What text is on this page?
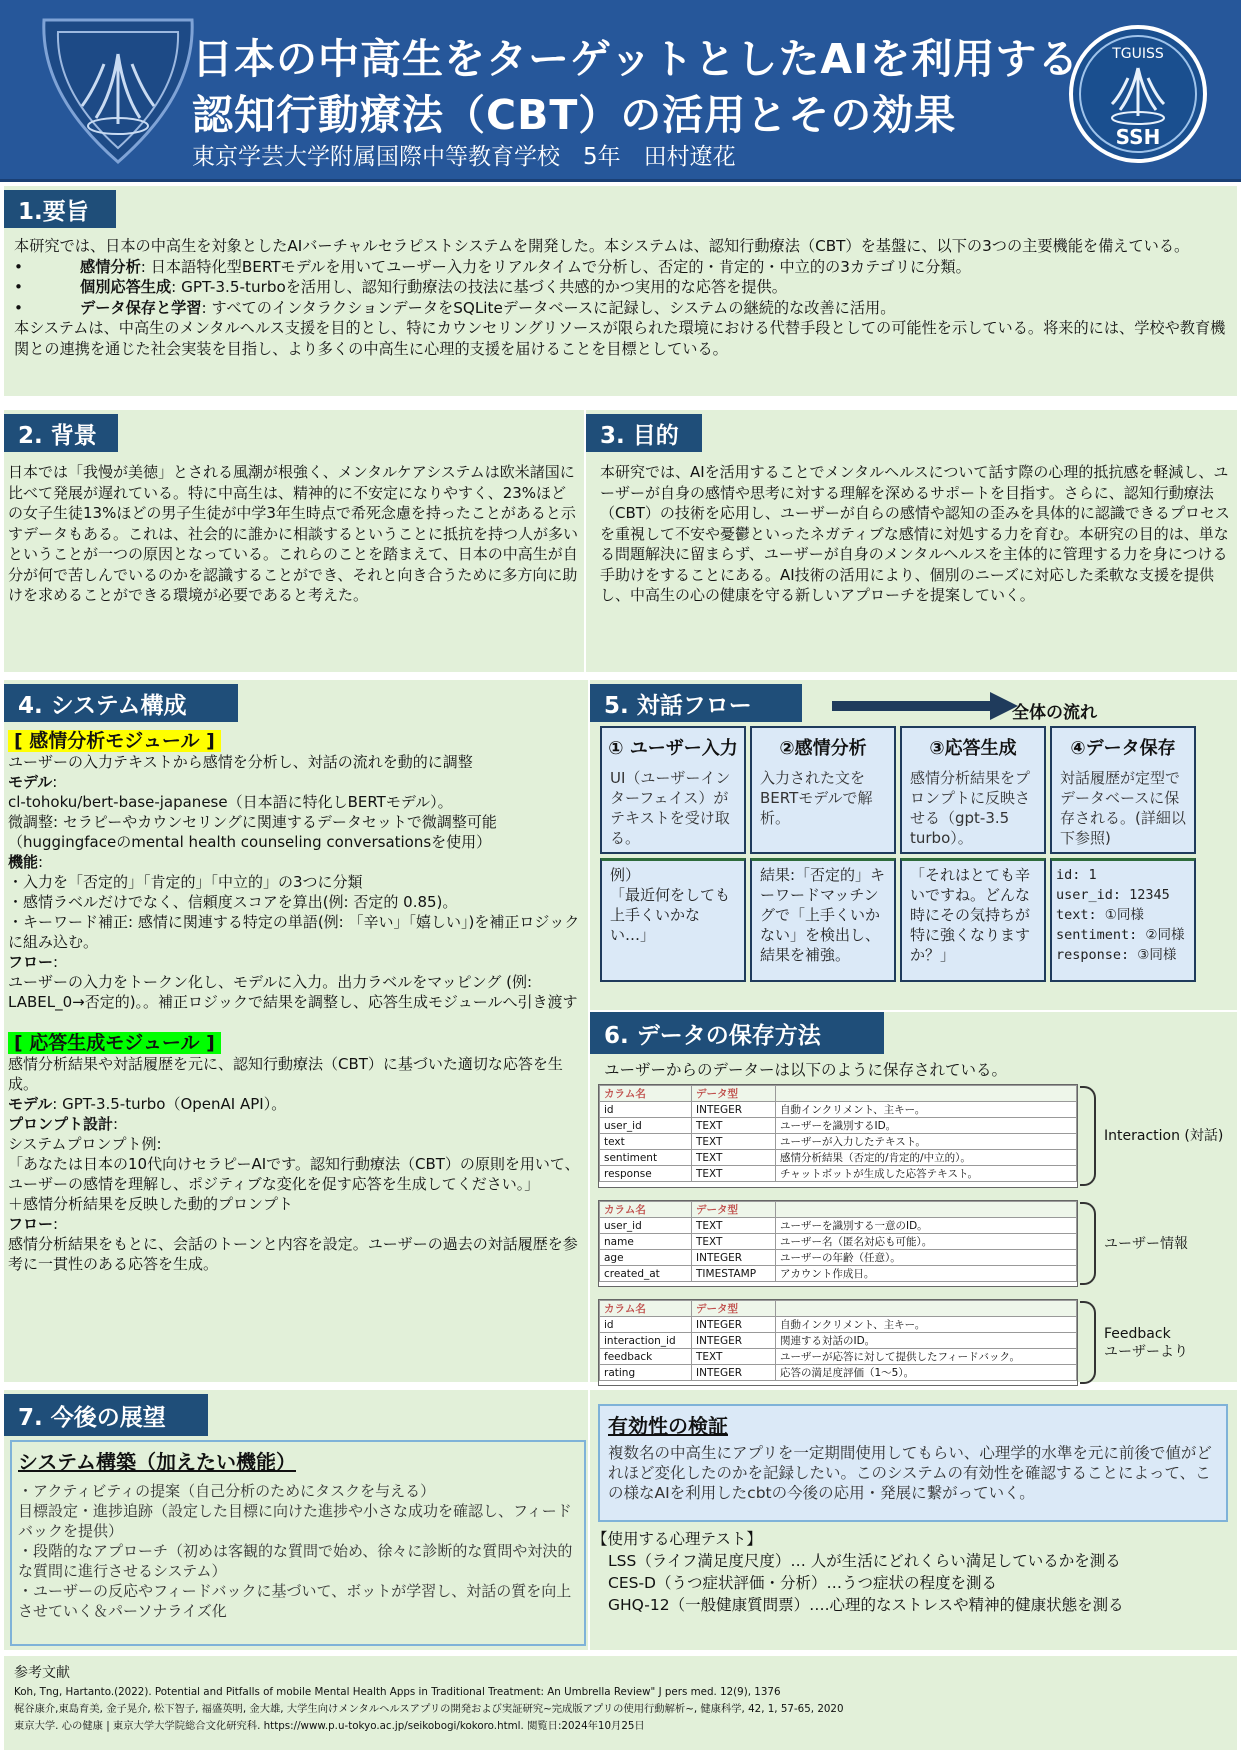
日本の中高生をターゲットとしたAIを利用する
認知行動療法（CBT）の活用とその効果
東京学芸大学附属国際中等教育学校　5年　田村遼花
TGUISS
SSH
1.要旨

本研究では、日本の中高生を対象としたAIバーチャルセラピストシステムを開発した。本システムは、認知行動療法（CBT）を基盤に、以下の3つの主要機能を備えている。

•	感情分析: 日本語特化型BERTモデルを用いてユーザー入力をリアルタイムで分析し、否定的・肯定的・中立的の3カテゴリに分類。
•	個別応答生成: GPT-3.5-turboを活用し、認知行動療法の技法に基づく共感的かつ実用的な応答を提供。
•	データ保存と学習: すべてのインタラクションデータをSQLiteデータベースに記録し、システムの継続的な改善に活用。

本システムは、中高生のメンタルヘルス支援を目的とし、特にカウンセリングリソースが限られた環境における代替手段としての可能性を示している。将来的には、学校や教育機関との連携を通じた社会実装を目指し、より多くの中高生に心理的支援を届けることを目標としている。

2. 背景
日本では「我慢が美徳」とされる風潮が根強く、メンタルケアシステムは欧米諸国に比べて発展が遅れている。特に中高生は、精神的に不安定になりやすく、23%ほどの女子生徒13%ほどの男子生徒が中学3年生時点で希死念慮を持ったことがあると示すデータもある。これは、社会的に誰かに相談するということに抵抗を持つ人が多いということが一つの原因となっている。これらのことを踏まえて、日本の中高生が自分が何で苦しんでいるのかを認識することができ、それと向き合うために多方向に助けを求めることができる環境が必要であると考えた。
3. 目的
本研究では、AIを活用することでメンタルヘルスについて話す際の心理的抵抗感を軽減し、ユーザーが自身の感情や思考に対する理解を深めるサポートを目指す。さらに、認知行動療法（CBT）の技術を応用し、ユーザーが自らの感情や認知の歪みを具体的に認識できるプロセスを重視して不安や憂鬱といったネガティブな感情に対処する力を育む。本研究の目的は、単なる問題解決に留まらず、ユーザーが自身のメンタルヘルスを主体的に管理する力を身につける手助けをすることにある。AI技術の活用により、個別のニーズに対応した柔軟な支援を提供し、中高生の心の健康を守る新しいアプローチを提案していく。
4. システム構成
[ 感情分析モジュール ]
ユーザーの入力テキストから感情を分析し、対話の流れを動的に調整
モデル:
cl-tohoku/bert-base-japanese（日本語に特化しBERTモデル）。
微調整: セラピーやカウンセリングに関連するデータセットで微調整可能
（huggingfaceのmental health counseling conversationsを使用）
機能:
・入力を「否定的」「肯定的」「中立的」の3つに分類
・感情ラベルだけでなく、信頼度スコアを算出(例: 否定的 0.85)。
・キーワード補正: 感情に関連する特定の単語(例: 「辛い」「嬉しい」)を補正ロジックに組み込む。
フロー:
ユーザーの入力をトークン化し、モデルに入力。出力ラベルをマッピング (例: LABEL_0→否定的)。。補正ロジックで結果を調整し、応答生成モジュールへ引き渡す
[ 応答生成モジュール ]
感情分析結果や対話履歴を元に、認知行動療法（CBT）に基づいた適切な応答を生成。
モデル: GPT-3.5-turbo（OpenAI API）。
プロンプト設計:
システムプロンプト例:
「あなたは日本の10代向けセラピーAIです。認知行動療法（CBT）の原則を用いて、ユーザーの感情を理解し、ポジティブな変化を促す応答を生成してください。」
＋感情分析結果を反映した動的プロンプト
フロー:
感情分析結果をもとに、会話のトーンと内容を設定。ユーザーの過去の対話履歴を参考に一貫性のある応答を生成。
5. 対話フロー	全体の流れ
① ユーザー入力
UI（ユーザーインターフェイス）がテキストを受け取る。
例）
「最近何をしても上手くいかない…」
②感情分析
入力された文をBERTモデルで解析。
結果:「否定的」キーワードマッチングで「上手くいかない」を検出し、結果を補強。
③応答生成
感情分析結果をプロンプトに反映させる（gpt-3.5 turbo）。
「それはとても辛いですね。どんな時にその気持ちが特に強くなりますか？」
④データ保存
対話履歴が定型でデータベースに保存される。(詳細以下参照)
id: 1
user_id: 12345
text: ①同様
sentiment: ②同様
response: ③同様
6. データの保存方法
ユーザーからのデーターは以下のように保存されている。
カラム名	データ型	
id	INTEGER	自動インクリメント、主キー。
user_id	TEXT	ユーザーを識別するID。
text	TEXT	ユーザーが入力したテキスト。
sentiment	TEXT	感情分析結果（否定的/肯定的/中立的）。
response	TEXT	チャットボットが生成した応答テキスト。
Interaction (対話)
カラム名	データ型	
user_id	TEXT	ユーザーを識別する一意のID。
name	TEXT	ユーザー名（匿名対応も可能）。
age	INTEGER	ユーザーの年齢（任意）。
created_at	TIMESTAMP	アカウント作成日。
ユーザー情報
カラム名	データ型	
id	INTEGER	自動インクリメント、主キー。
interaction_id	INTEGER	関連する対話のID。
feedback	TEXT	ユーザーが応答に対して提供したフィードバック。
rating	INTEGER	応答の満足度評価（1～5）。
Feedback
ユーザーより
7. 今後の展望
システム構築（加えたい機能）

・アクティビティの提案（自己分析のためにタスクを与える）

目標設定・進捗追跡（設定した目標に向けた進捗や小さな成功を確認し、フィードバックを提供）

・段階的なアプローチ（初めは客観的な質問で始め、徐々に診断的な質問や対決的な質問に進行させるシステム）

・ユーザーの反応やフィードバックに基づいて、ボットが学習し、対話の質を向上させていく＆パーソナライズ化

有効性の検証
複数名の中高生にアプリを一定期間使用してもらい、心理学的水準を元に前後で値がどれほど変化したのかを記録したい。このシステムの有効性を確認することによって、この様なAIを利用したcbtの今後の応用・発展に繋がっていく。

【使用する心理テスト】

LSS（ライフ満足度尺度）… 人が生活にどれくらい満足しているかを測る

CES-D（うつ症状評価・分析）…うつ症状の程度を測る

GHQ-12（一般健康質問票）….心理的なストレスや精神的健康状態を測る

参考文献

Koh, Tng, Hartanto.(2022). Potential and Pitfalls of mobile Mental Health Apps in Traditional Treatment: An Umbrella Review" J pers med. 12(9), 1376

梶谷康介,東島育美, 金子晃介, 松下智子, 福盛英明, 金大雄, 大学生向けメンタルヘルスアプリの開発および実証研究~完成版アプリの使用行動解析~, 健康科学, 42, 1, 57-65, 2020

東京大学. 心の健康 | 東京大学大学院総合文化研究科. https://www.p.u-tokyo.ac.jp/seikobogi/kokoro.html. 閲覧日:2024年10月25日
